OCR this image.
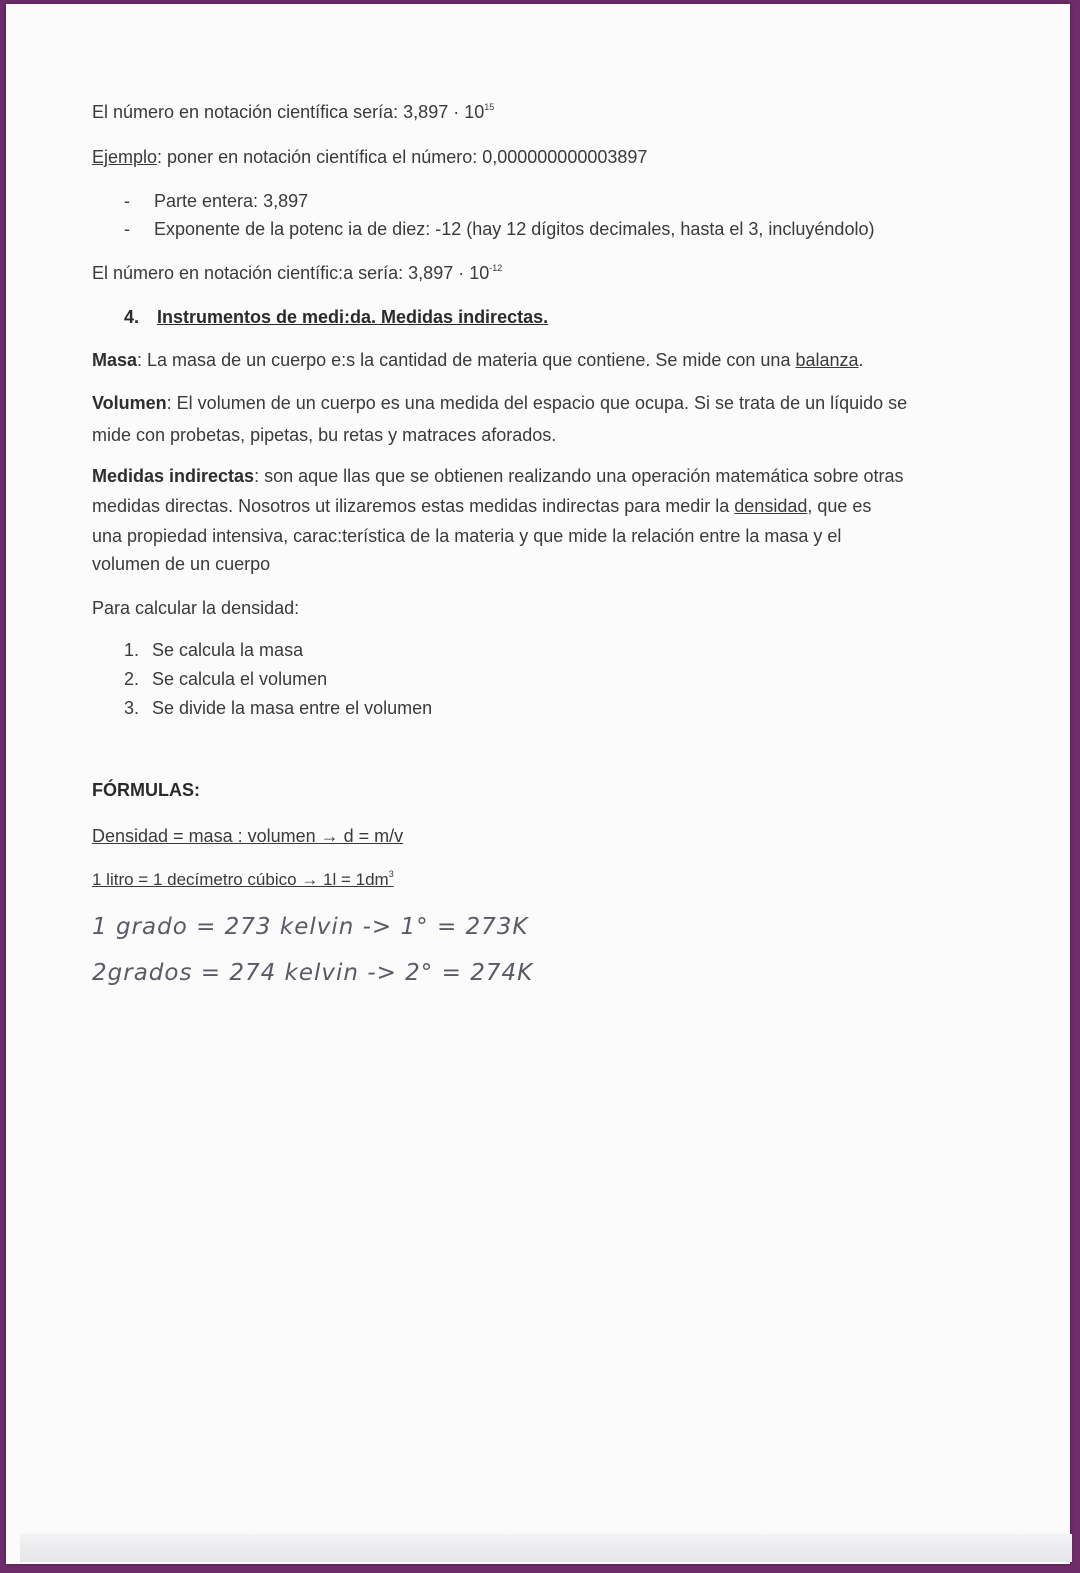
El número en notación científica sería: $3,897 \cdot 10^{15}$
Ejemplo: poner en notación científica el número: 0,000000000003897
- Parte entera: 3,897
- Exponente de la potenc ia de diez: -12 (hay 12 dígitos decimales, hasta el 3, incluyéndolo)
El número en notación científic:a sería: $3,897 \cdot 10^{-12}$
4. Instrumentos de medi:da. Medidas indirectas.
Masa: La masa de un cuerpo e:s la cantidad de materia que contiene. Se mide con una balanza.
Volumen: El volumen de un cuerpo es una medida del espacio que ocupa. Si se trata de un líquido se
mide con probetas, pipetas, bu retas y matraces aforados.
Medidas indirectas: son aque llas que se obtienen realizando una operación matemática sobre otras
medidas directas. Nosotros ut ilizaremos estas medidas indirectas para medir la densidad, que es
una propiedad intensiva, carac:terística de la materia y que mide la relación entre la masa y el
volumen de un cuerpo
Para calcular la densidad:
1. Se calcula la masa
2. Se calcula el volumen
3. Se divide la masa entre el volumen
FÓRMULAS:
Densidad = masa : volumen → d = m/v
1 litro = 1 decímetro cúbico → $1l = 1dm^3$
1 grado = 273 kelvin -> 1° = 273K
2grados = 274 kelvin -> 2° = 274K
